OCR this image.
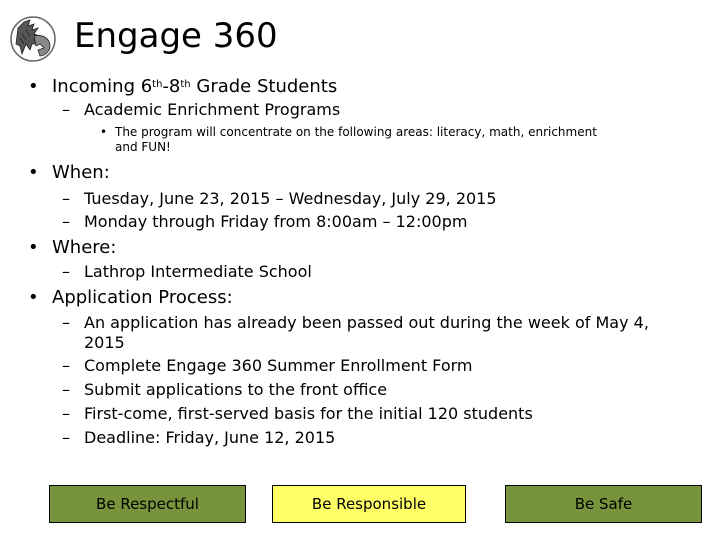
Engage 360
• Incoming 6th-8th Grade Students
– Academic Enrichment Programs
• The program will concentrate on the following areas: literacy, math, enrichment
and FUN!
• When:
– Tuesday, June 23, 2015 – Wednesday, July 29, 2015
– Monday through Friday from 8:00am – 12:00pm
• Where:
– Lathrop Intermediate School
• Application Process:
– An application has already been passed out during the week of May 4,
2015
– Complete Engage 360 Summer Enrollment Form
– Submit applications to the front office
– First-come, first-served basis for the initial 120 students
– Deadline: Friday, June 12, 2015
Be Respectful	Be Responsible	Be Safe
